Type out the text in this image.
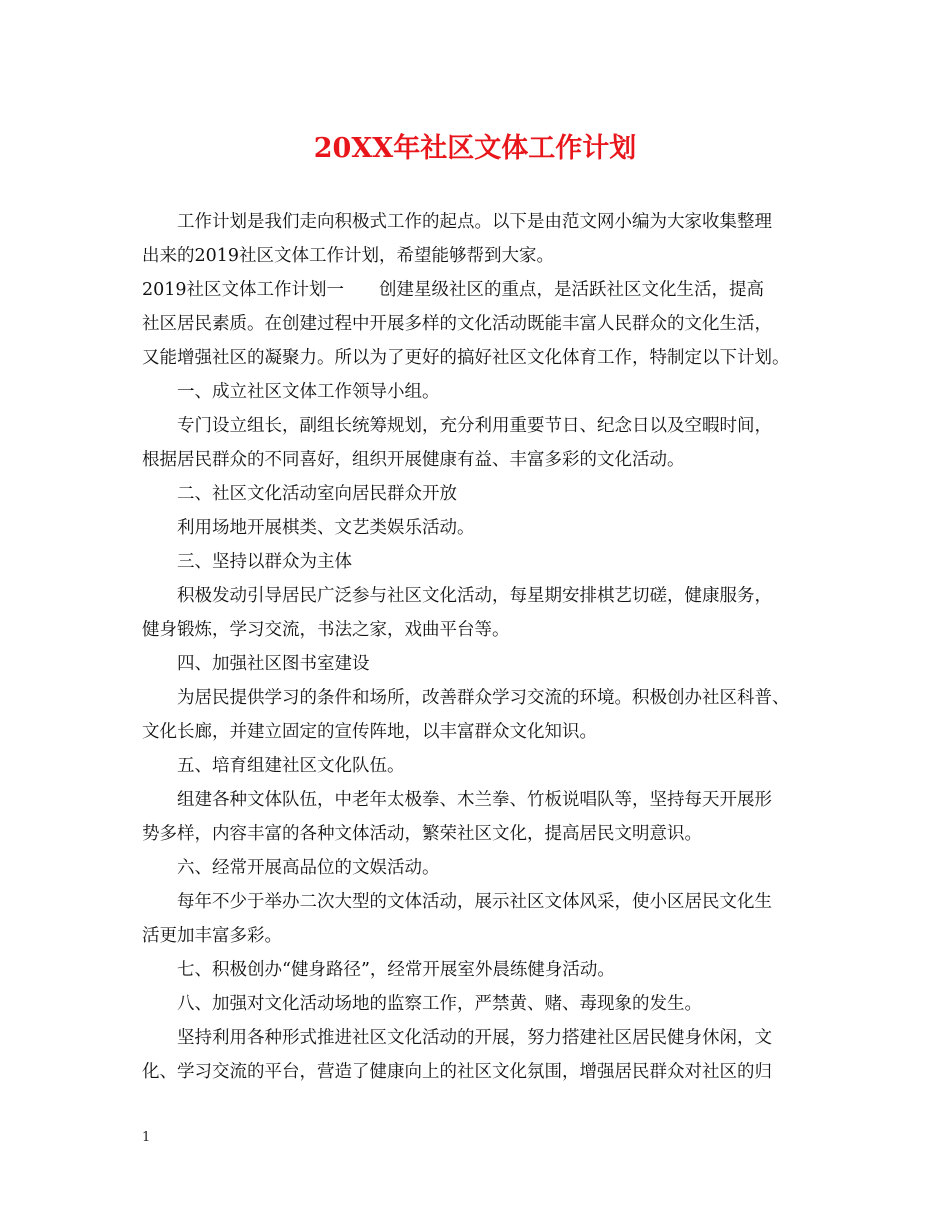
20XX年社区文体工作计划
工作计划是我们走向积极式工作的起点。以下是由范文网小编为大家收集整理
出来的2019社区文体工作计划，希望能够帮到大家。
2019社区文体工作计划一　　创建星级社区的重点，是活跃社区文化生活，提高
社区居民素质。在创建过程中开展多样的文化活动既能丰富人民群众的文化生活，
又能增强社区的凝聚力。所以为了更好的搞好社区文化体育工作，特制定以下计划。
一、成立社区文体工作领导小组。
专门设立组长，副组长统筹规划，充分利用重要节日、纪念日以及空暇时间，
根据居民群众的不同喜好，组织开展健康有益、丰富多彩的文化活动。
二、社区文化活动室向居民群众开放
利用场地开展棋类、文艺类娱乐活动。
三、坚持以群众为主体
积极发动引导居民广泛参与社区文化活动，每星期安排棋艺切磋，健康服务，
健身锻炼，学习交流，书法之家，戏曲平台等。
四、加强社区图书室建设
为居民提供学习的条件和场所，改善群众学习交流的环境。积极创办社区科普、
文化长廊，并建立固定的宣传阵地，以丰富群众文化知识。
五、培育组建社区文化队伍。
组建各种文体队伍，中老年太极拳、木兰拳、竹板说唱队等，坚持每天开展形
势多样，内容丰富的各种文体活动，繁荣社区文化，提高居民文明意识。
六、经常开展高品位的文娱活动。
每年不少于举办二次大型的文体活动，展示社区文体风采，使小区居民文化生
活更加丰富多彩。
七、积极创办“健身路径”，经常开展室外晨练健身活动。
八、加强对文化活动场地的监察工作，严禁黄、赌、毒现象的发生。
坚持利用各种形式推进社区文化活动的开展，努力搭建社区居民健身休闲，文
化、学习交流的平台，营造了健康向上的社区文化氛围，增强居民群众对社区的归
1
